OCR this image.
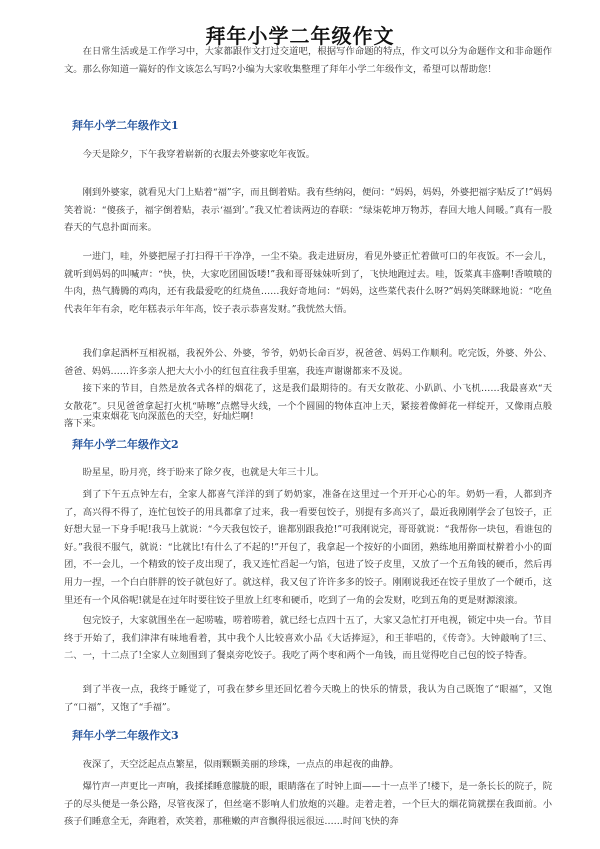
拜年小学二年级作文

在日常生活或是工作学习中，大家都跟作文打过交道吧，根据写作命题的特点，作文可以分为命题作文和非命题作文。那么你知道一篇好的作文该怎么写吗?小编为大家收集整理了拜年小学二年级作文，希望可以帮助您！

拜年小学二年级作文1

今天是除夕，下午我穿着崭新的衣服去外婆家吃年夜饭。

刚到外婆家，就看见大门上贴着“福”字，而且倒着贴。我有些纳闷，便问：“妈妈，妈妈，外婆把福字贴反了!”妈妈笑着说：“傻孩子，福字倒着贴，表示‘福到’。”我又忙着读两边的春联：“绿柒乾坤万物苏，春回大地人间暖。”真有一股春天的气息扑面而来。

一进门，哇，外婆把屋子打扫得干干净净，一尘不染。我走进厨房，看见外婆正忙着做可口的年夜饭。不一会儿，就听到妈妈的叫喊声：“快，快，大家吃团圆饭喽!”我和哥哥妹妹听到了，飞快地跑过去。哇，饭菜真丰盛啊!香喷喷的牛肉，热气腾腾的鸡肉，还有我最爱吃的红烧鱼……我好奇地问：“妈妈，这些菜代表什么呀?”妈妈笑眯眯地说：“吃鱼代表年年有余，吃年糕表示年年高，饺子表示恭喜发财。”我恍然大悟。

我们拿起酒杯互相祝福，我祝外公、外婆，爷爷，奶奶长命百岁，祝爸爸、妈妈工作顺利。吃完饭，外婆、外公、爸爸、妈妈……许多亲人把大大小小的红包直往我手里塞，我连声谢谢都来不及说。

接下来的节目，自然是放各式各样的烟花了，这是我们最期待的。有天女散花、小趴趴、小飞机……我最喜欢“天女散花”。只见爸爸拿起打火机“哧嚓”点燃导火线，一个个圆圆的物体直冲上天，紧接着像鲜花一样绽开，又像雨点般落下来。

一束束烟花飞向深蓝色的天空，好灿烂啊!

拜年小学二年级作文2

盼星星，盼月亮，终于盼来了除夕夜，也就是大年三十儿。

到了下午五点钟左右，全家人都喜气洋洋的到了奶奶家，准备在这里过一个开开心心的年。奶奶一看，人都到齐了，高兴得不得了，连忙包饺子的用具都拿了过来，我一看要包饺子，别提有多高兴了，最近我刚刚学会了包饺子，正好想大显一下身手呢!我马上就说：“今天我包饺子，谁都别跟我抢!”可我刚说完，哥哥就说：“我帮你一块包，看谁包的好。”我很不服气，就说：“比就比!有什么了不起的!”开包了，我拿起一个按好的小面团，熟练地用擀面杖擀着小小的面团，不一会儿，一个精致的饺子皮出现了，我又连忙舀起一勺馅，包进了饺子皮里，又放了一个五角钱的硬币，然后再用力一捏，一个白白胖胖的饺子就包好了。就这样，我又包了许许多多的饺子。刚刚说我还在饺子里放了一个硬币，这里还有一个风俗呢!就是在过年时要往饺子里放上红枣和硬币，吃到了一角的会发财，吃到五角的更是财源滚滚。

包完饺子，大家就围坐在一起唠嗑，唠着唠着，就已经七点四十五了，大家又急忙打开电视，锁定中央一台。节目终于开始了，我们津津有味地看着，其中我个人比较喜欢小品《大话捧逗》，和王菲唱的，《传奇》。大钟敲响了!三、二、一，十二点了!全家人立刻围到了餐桌旁吃饺子。我吃了两个枣和两个一角钱，而且觉得吃自己包的饺子特香。

到了半夜一点，我终于睡觉了，可我在梦乡里还回忆着今天晚上的快乐的情景，我认为自己既饱了“眼福”，又饱了“口福”，又饱了“手福”。

拜年小学二年级作文3

夜深了，天空泛起点点繁星，似雨颗颗美丽的珍珠，一点点的串起夜的曲静。

爆竹声一声更比一声响，我揉揉睡意朦胧的眼，眼睛落在了时钟上面——十一点半了!楼下，是一条长长的院子，院子的尽头便是一条公路，尽管夜深了，但丝毫不影响人们放炮的兴趣。走着走着，一个巨大的烟花筒就摆在我面前。小孩子们睡意全无，奔跑着，欢笑着，那稚嫩的声音飘得很远很远……时间飞快的奔
